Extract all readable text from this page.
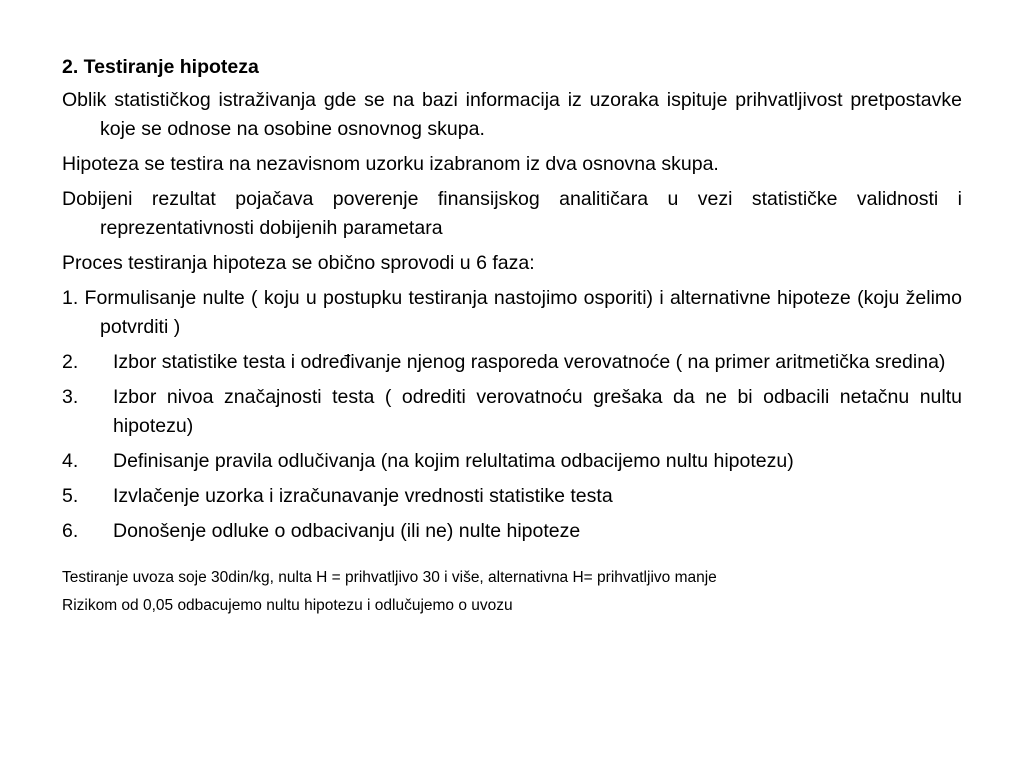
2. Testiranje hipoteza
Oblik statističkog istraživanja gde se na bazi informacija iz uzoraka ispituje prihvatljivost pretpostavke koje se odnose na osobine osnovnog skupa.
Hipoteza se testira na nezavisnom uzorku izabranom iz dva osnovna skupa.
Dobijeni rezultat pojačava poverenje finansijskog analitičara u vezi statističke validnosti i reprezentativnosti dobijenih parametara
Proces testiranja hipoteza se obično sprovodi u 6 faza:
1. Formulisanje nulte ( koju u postupku testiranja nastojimo osporiti) i alternativne hipoteze (koju želimo potvrditi )
2.	Izbor statistike testa i određivanje njenog rasporeda verovatnoće ( na primer aritmetička sredina)
3.	Izbor nivoa značajnosti testa ( odrediti verovatnoću grešaka da ne bi odbacili netačnu nultu hipotezu)
4.	Definisanje pravila odlučivanja (na kojim relultatima odbacijemo nultu hipotezu)
5.	Izvlačenje uzorka i izračunavanje vrednosti statistike testa
6.	Donošenje odluke o odbacivanju (ili ne) nulte hipoteze
Testiranje uvoza soje 30din/kg, nulta H = prihvatljivo 30 i više, alternativna H= prihvatljivo manje
Rizikom od 0,05 odbacujemo nultu hipotezu i odlučujemo o uvozu
